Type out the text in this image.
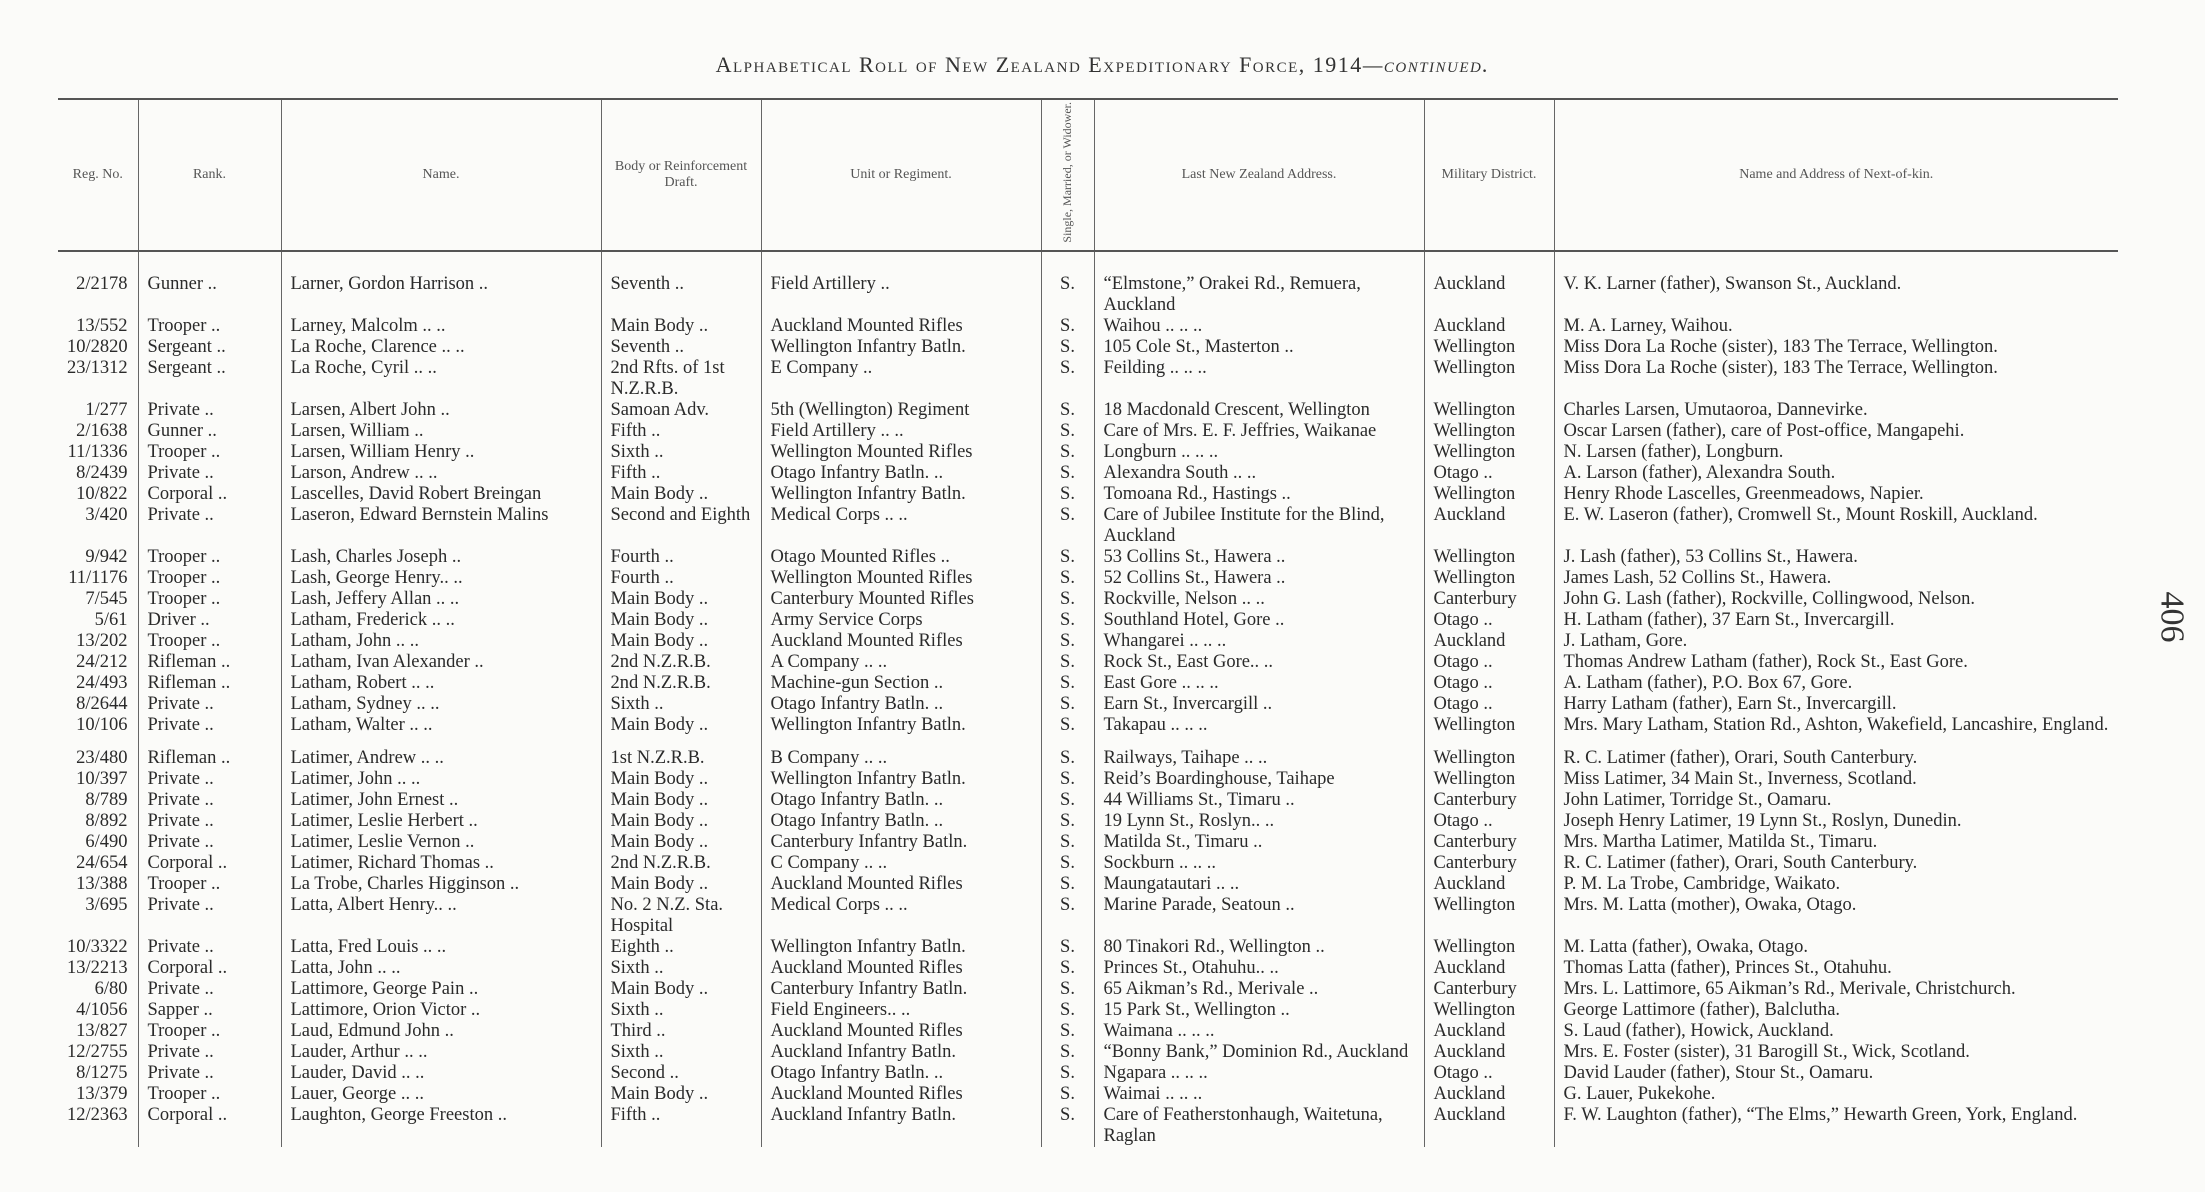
Alphabetical Roll of New Zealand Expeditionary Force, 1914—continued.
406
Reg. No.	Rank.	Name.	Body or Reinforcement Draft.	Unit or Regiment.	Single, Married, or Widower.	Last New Zealand Address.	Military District.	Name and Address of Next-of-kin.

2/2178	Gunner ..	Larner, Gordon Harrison ..	Seventh ..	Field Artillery ..	S.	“Elmstone,” Orakei Rd., Remuera, Auckland	Auckland	V. K. Larner (father), Swanson St., Auckland.
13/552	Trooper ..	Larney, Malcolm .. ..	Main Body ..	Auckland Mounted Rifles	S.	Waihou .. .. ..	Auckland	M. A. Larney, Waihou.
10/2820	Sergeant ..	La Roche, Clarence .. ..	Seventh ..	Wellington Infantry Batln.	S.	105 Cole St., Masterton ..	Wellington	Miss Dora La Roche (sister), 183 The Terrace, Wellington.
23/1312	Sergeant ..	La Roche, Cyril .. ..	2nd Rfts. of 1st N.Z.R.B.	E Company ..	S.	Feilding .. .. ..	Wellington	Miss Dora La Roche (sister), 183 The Terrace, Wellington.
1/277	Private ..	Larsen, Albert John ..	Samoan Adv.	5th (Wellington) Regiment	S.	18 Macdonald Crescent, Wellington	Wellington	Charles Larsen, Umutaoroa, Dannevirke.
2/1638	Gunner ..	Larsen, William ..	Fifth ..	Field Artillery .. ..	S.	Care of Mrs. E. F. Jeffries, Waikanae	Wellington	Oscar Larsen (father), care of Post-office, Mangapehi.
11/1336	Trooper ..	Larsen, William Henry ..	Sixth ..	Wellington Mounted Rifles	S.	Longburn .. .. ..	Wellington	N. Larsen (father), Longburn.
8/2439	Private ..	Larson, Andrew .. ..	Fifth ..	Otago Infantry Batln. ..	S.	Alexandra South .. ..	Otago ..	A. Larson (father), Alexandra South.
10/822	Corporal ..	Lascelles, David Robert Breingan	Main Body ..	Wellington Infantry Batln.	S.	Tomoana Rd., Hastings ..	Wellington	Henry Rhode Lascelles, Greenmeadows, Napier.
3/420	Private ..	Laseron, Edward Bernstein Malins	Second and Eighth	Medical Corps .. ..	S.	Care of Jubilee Institute for the Blind, Auckland	Auckland	E. W. Laseron (father), Cromwell St., Mount Roskill, Auckland.
9/942	Trooper ..	Lash, Charles Joseph ..	Fourth ..	Otago Mounted Rifles ..	S.	53 Collins St., Hawera ..	Wellington	J. Lash (father), 53 Collins St., Hawera.
11/1176	Trooper ..	Lash, George Henry.. ..	Fourth ..	Wellington Mounted Rifles	S.	52 Collins St., Hawera ..	Wellington	James Lash, 52 Collins St., Hawera.
7/545	Trooper ..	Lash, Jeffery Allan .. ..	Main Body ..	Canterbury Mounted Rifles	S.	Rockville, Nelson .. ..	Canterbury	John G. Lash (father), Rockville, Collingwood, Nelson.
5/61	Driver ..	Latham, Frederick .. ..	Main Body ..	Army Service Corps	S.	Southland Hotel, Gore ..	Otago ..	H. Latham (father), 37 Earn St., Invercargill.
13/202	Trooper ..	Latham, John .. ..	Main Body ..	Auckland Mounted Rifles	S.	Whangarei .. .. ..	Auckland	J. Latham, Gore.
24/212	Rifleman ..	Latham, Ivan Alexander ..	2nd N.Z.R.B.	A Company .. ..	S.	Rock St., East Gore.. ..	Otago ..	Thomas Andrew Latham (father), Rock St., East Gore.
24/493	Rifleman ..	Latham, Robert .. ..	2nd N.Z.R.B.	Machine-gun Section ..	S.	East Gore .. .. ..	Otago ..	A. Latham (father), P.O. Box 67, Gore.
8/2644	Private ..	Latham, Sydney .. ..	Sixth ..	Otago Infantry Batln. ..	S.	Earn St., Invercargill ..	Otago ..	Harry Latham (father), Earn St., Invercargill.
10/106	Private ..	Latham, Walter .. ..	Main Body ..	Wellington Infantry Batln.	S.	Takapau .. .. ..	Wellington	Mrs. Mary Latham, Station Rd., Ashton, Wakefield, Lancashire, England.
23/480	Rifleman ..	Latimer, Andrew .. ..	1st N.Z.R.B.	B Company .. ..	S.	Railways, Taihape .. ..	Wellington	R. C. Latimer (father), Orari, South Canterbury.
10/397	Private ..	Latimer, John .. ..	Main Body ..	Wellington Infantry Batln.	S.	Reid’s Boardinghouse, Taihape	Wellington	Miss Latimer, 34 Main St., Inverness, Scotland.
8/789	Private ..	Latimer, John Ernest ..	Main Body ..	Otago Infantry Batln. ..	S.	44 Williams St., Timaru ..	Canterbury	John Latimer, Torridge St., Oamaru.
8/892	Private ..	Latimer, Leslie Herbert ..	Main Body ..	Otago Infantry Batln. ..	S.	19 Lynn St., Roslyn.. ..	Otago ..	Joseph Henry Latimer, 19 Lynn St., Roslyn, Dunedin.
6/490	Private ..	Latimer, Leslie Vernon ..	Main Body ..	Canterbury Infantry Batln.	S.	Matilda St., Timaru ..	Canterbury	Mrs. Martha Latimer, Matilda St., Timaru.
24/654	Corporal ..	Latimer, Richard Thomas ..	2nd N.Z.R.B.	C Company .. ..	S.	Sockburn .. .. ..	Canterbury	R. C. Latimer (father), Orari, South Canterbury.
13/388	Trooper ..	La Trobe, Charles Higginson ..	Main Body ..	Auckland Mounted Rifles	S.	Maungatautari .. ..	Auckland	P. M. La Trobe, Cambridge, Waikato.
3/695	Private ..	Latta, Albert Henry.. ..	No. 2 N.Z. Sta. Hospital	Medical Corps .. ..	S.	Marine Parade, Seatoun ..	Wellington	Mrs. M. Latta (mother), Owaka, Otago.
10/3322	Private ..	Latta, Fred Louis .. ..	Eighth ..	Wellington Infantry Batln.	S.	80 Tinakori Rd., Wellington ..	Wellington	M. Latta (father), Owaka, Otago.
13/2213	Corporal ..	Latta, John .. ..	Sixth ..	Auckland Mounted Rifles	S.	Princes St., Otahuhu.. ..	Auckland	Thomas Latta (father), Princes St., Otahuhu.
6/80	Private ..	Lattimore, George Pain ..	Main Body ..	Canterbury Infantry Batln.	S.	65 Aikman’s Rd., Merivale ..	Canterbury	Mrs. L. Lattimore, 65 Aikman’s Rd., Merivale, Christchurch.
4/1056	Sapper ..	Lattimore, Orion Victor ..	Sixth ..	Field Engineers.. ..	S.	15 Park St., Wellington ..	Wellington	George Lattimore (father), Balclutha.
13/827	Trooper ..	Laud, Edmund John ..	Third ..	Auckland Mounted Rifles	S.	Waimana .. .. ..	Auckland	S. Laud (father), Howick, Auckland.
12/2755	Private ..	Lauder, Arthur .. ..	Sixth ..	Auckland Infantry Batln.	S.	“Bonny Bank,” Dominion Rd., Auckland	Auckland	Mrs. E. Foster (sister), 31 Barogill St., Wick, Scotland.
8/1275	Private ..	Lauder, David .. ..	Second ..	Otago Infantry Batln. ..	S.	Ngapara .. .. ..	Otago ..	David Lauder (father), Stour St., Oamaru.
13/379	Trooper ..	Lauer, George .. ..	Main Body ..	Auckland Mounted Rifles	S.	Waimai .. .. ..	Auckland	G. Lauer, Pukekohe.
12/2363	Corporal ..	Laughton, George Freeston ..	Fifth ..	Auckland Infantry Batln.	S.	Care of Featherstonhaugh, Waitetuna, Raglan	Auckland	F. W. Laughton (father), “The Elms,” Hewarth Green, York, England.
